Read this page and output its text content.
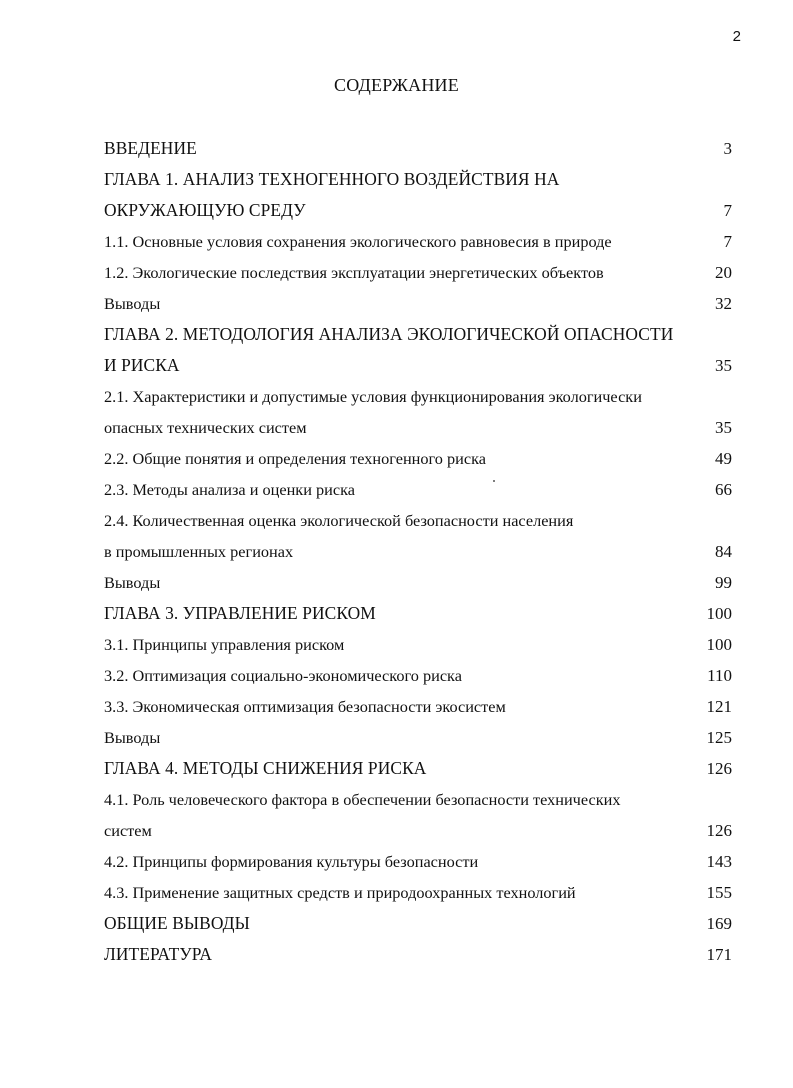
2
СОДЕРЖАНИЕ
ВВЕДЕНИЕ	3
ГЛАВА 1. АНАЛИЗ ТЕХНОГЕННОГО ВОЗДЕЙСТВИЯ НА
ОКРУЖАЮЩУЮ СРЕДУ	7
1.1. Основные условия сохранения экологического равновесия в природе	7
1.2. Экологические последствия эксплуатации энергетических объектов	20
Выводы	32
ГЛАВА 2. МЕТОДОЛОГИЯ АНАЛИЗА ЭКОЛОГИЧЕСКОЙ ОПАСНОСТИ
И РИСКА	35
2.1. Характеристики и допустимые условия функционирования экологически
опасных технических систем	35
2.2. Общие понятия и определения техногенного риска	49
2.3. Методы анализа и оценки риска	66
2.4. Количественная оценка экологической безопасности населения
в промышленных регионах	84
Выводы	99
ГЛАВА 3. УПРАВЛЕНИЕ РИСКОМ	100
3.1. Принципы управления риском	100
3.2. Оптимизация социально-экономического риска	110
3.3. Экономическая оптимизация безопасности экосистем	121
Выводы	125
ГЛАВА 4. МЕТОДЫ СНИЖЕНИЯ РИСКА	126
4.1. Роль человеческого фактора в обеспечении безопасности технических
систем	126
4.2. Принципы формирования культуры безопасности	143
4.3. Применение защитных средств и природоохранных технологий	155
ОБЩИЕ ВЫВОДЫ	169
ЛИТЕРАТУРА	171
